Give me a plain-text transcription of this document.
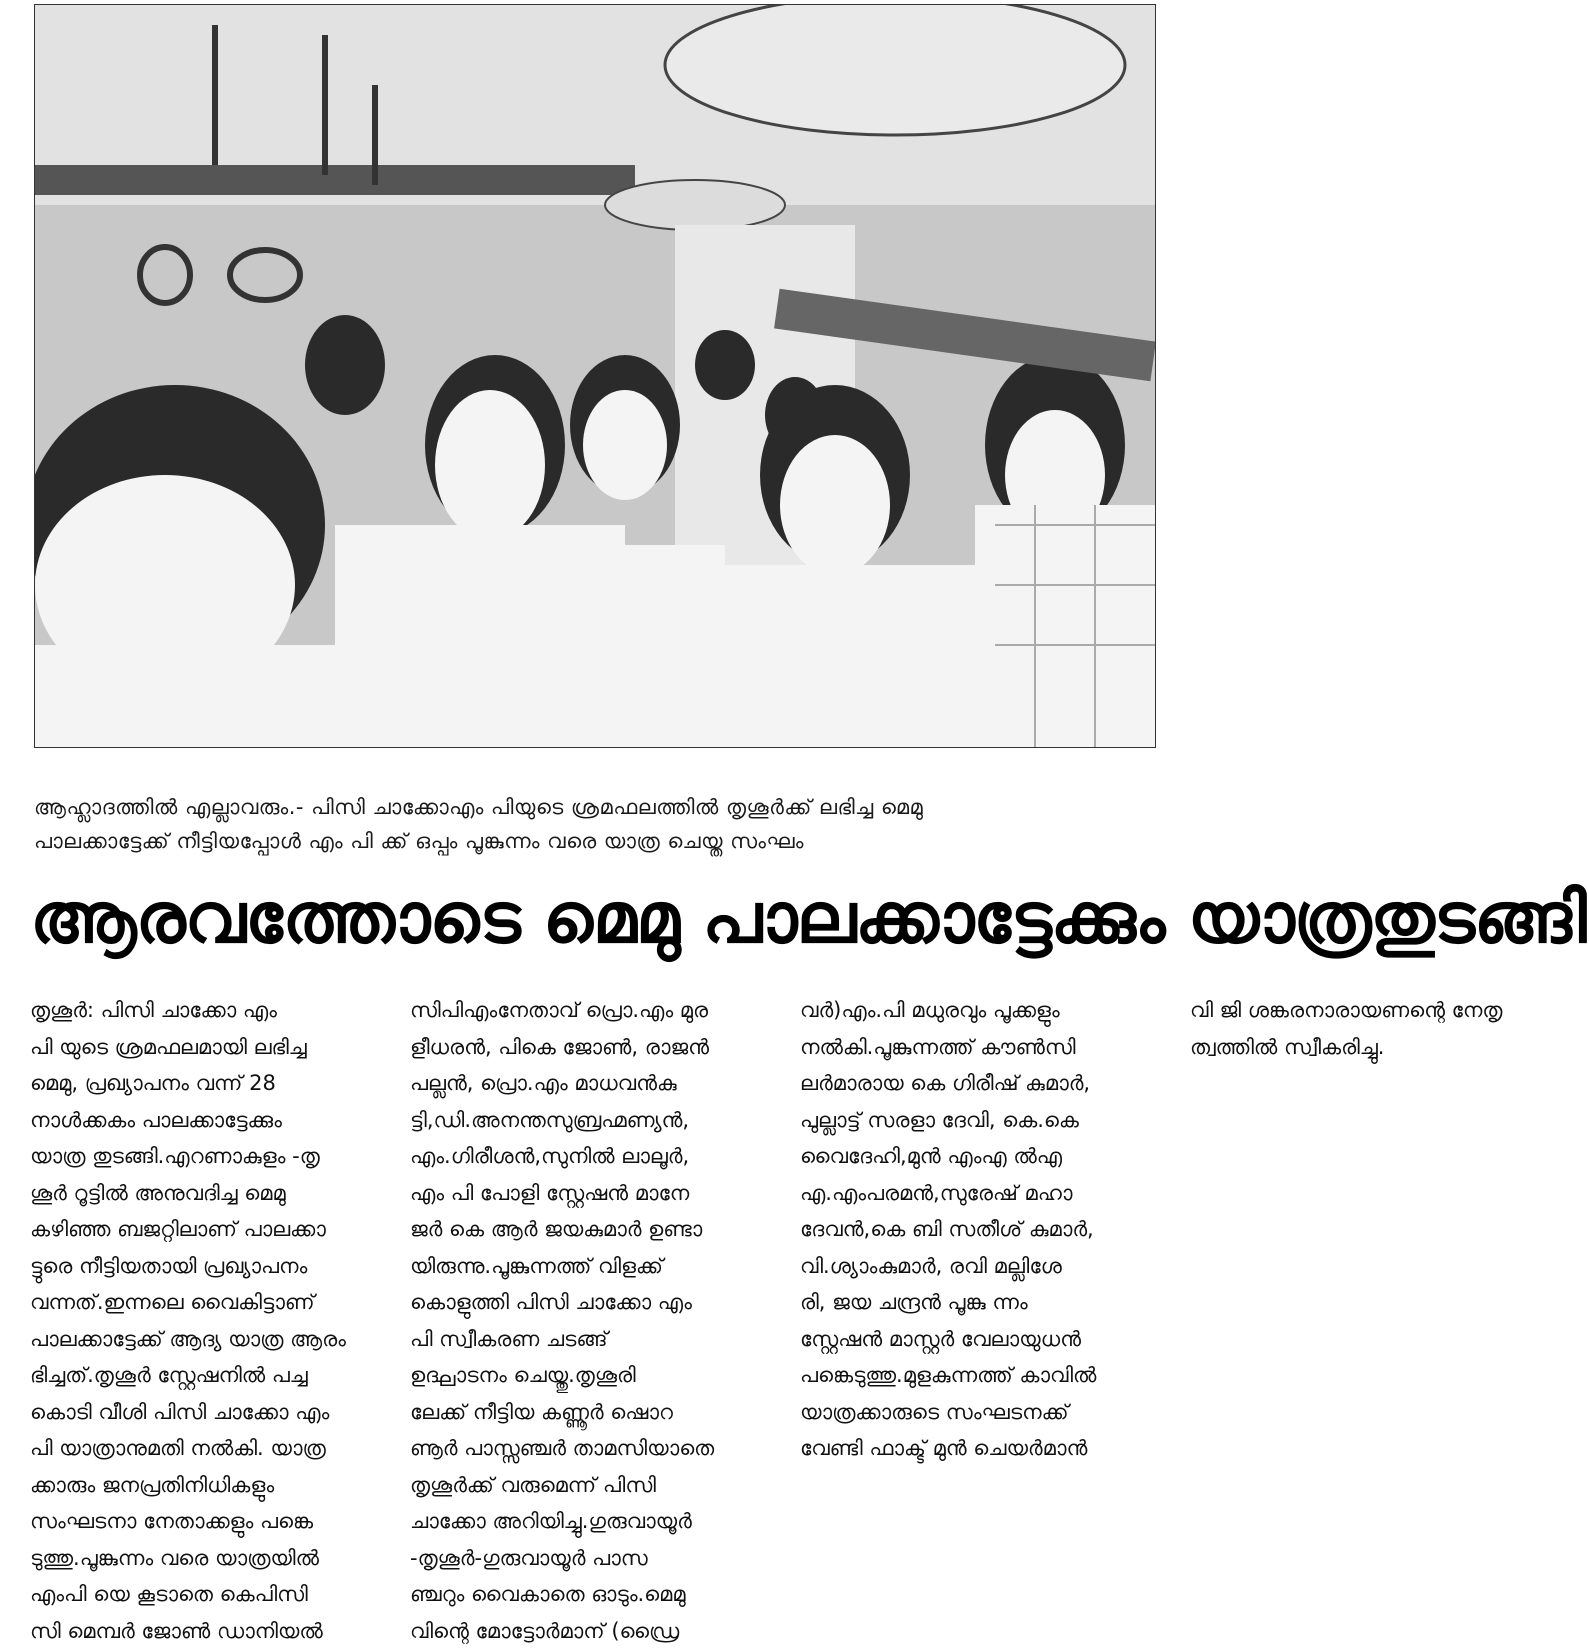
ആഹ്ലാദത്തിൽ എല്ലാവരും.- പിസി ചാക്കോഎം പിയുടെ ശ്രമഫലത്തിൽ തൃശൂർക്ക് ലഭിച്ച മെമു
പാലക്കാട്ടേക്ക് നീട്ടിയപ്പോൾ എം പി ക്ക് ഒപ്പം പൂങ്കുന്നം വരെ യാത്ര ചെയ്ത സംഘം
ആരവത്തോടെ മെമു പാലക്കാട്ടേക്കും യാത്രതുടങ്ങി
തൃശൂർ: പിസി ചാക്കോ എം
പി യുടെ ശ്രമഫലമായി ലഭിച്ച
മെമു, പ്രഖ്യാപനം വന്ന് 28
നാൾക്കകം പാലക്കാട്ടേക്കും
യാത്ര തുടങ്ങി.എറണാകുളം -തൃ
ശൂർ റൂട്ടിൽ അനുവദിച്ച മെമു
കഴിഞ്ഞ ബജറ്റിലാണ് പാലക്കാ
ട്ടുരെ നീട്ടിയതായി പ്രഖ്യാപനം
വന്നത്.ഇന്നലെ വൈകിട്ടാണ്
പാലക്കാട്ടേക്ക് ആദ്യ യാത്ര ആരം
ഭിച്ചത്.തൃശൂർ സ്റ്റേഷനിൽ പച്ച
കൊടി വീശി പിസി ചാക്കോ എം
പി യാത്രാനുമതി നൽകി. യാത്ര
ക്കാരും ജനപ്രതിനിധികളും
സംഘടനാ നേതാക്കളും പങ്കെ
ടുത്തു.പൂങ്കുന്നം വരെ യാത്രയിൽ
എംപി യെ കൂടാതെ കെപിസി
സി മെമ്പർ ജോൺ ഡാനിയൽ
സിപിഎംനേതാവ് പ്രൊ.എം മുര
ളീധരൻ, പികെ ജോൺ, രാജൻ
പല്ലൻ, പ്രൊ.എം മാധവൻകു
ട്ടി,ഡി.അനന്തസുബ്രഹ്മണ്യൻ,
എം.ഗിരീശൻ,സുനിൽ ലാലൂർ,
എം പി പോളി സ്റ്റേഷൻ മാനേ
ജർ കെ ആർ ജയകുമാർ ഉണ്ടാ
യിരുന്നു.പൂങ്കുന്നത്ത് വിളക്ക്
കൊളുത്തി പിസി ചാക്കോ എം
പി സ്വീകരണ ചടങ്ങ്
ഉദ്ഘാടനം ചെയ്തു.തൃശൂരി
ലേക്ക് നീട്ടിയ കണ്ണൂർ ഷൊറ
ണൂർ പാസ്സഞ്ചർ താമസിയാതെ
തൃശൂർക്ക് വരുമെന്ന് പിസി
ചാക്കോ അറിയിച്ചു.ഗുരുവായൂർ
-തൃശൂർ-ഗുരുവായൂർ പാസ
ഞ്ചറും വൈകാതെ ഓടും.മെമു
വിന്റെ മോട്ടോർമാന് (ഡ്രൈ
വർ)എം.പി മധുരവും പൂക്കളും
നൽകി.പൂങ്കുന്നത്ത് കൗൺസി
ലർമാരായ കെ ഗിരീഷ് കുമാർ,
പുല്ലാട്ട് സരളാ ദേവി, കെ.കെ
വൈദേഹി,മുൻ എംഎ ൽഎ
എ.എംപരമൻ,സുരേഷ് മഹാ
ദേവൻ,കെ ബി സതീശ് കുമാർ,
വി.ശ്യാംകുമാർ, രവി മല്ലിശേ
രി, ജയ ചന്ദ്രൻ പൂങ്കു ന്നം
സ്റ്റേഷൻ മാസ്റ്റർ വേലായുധൻ
പങ്കെടുത്തു.മുളകുന്നത്ത് കാവിൽ
യാത്രക്കാരുടെ സംഘടനക്ക്
വേണ്ടി ഫാക്ട് മുൻ ചെയർമാൻ
വി ജി ശങ്കരനാരായണന്റെ നേതൃ
ത്വത്തിൽ സ്വീകരിച്ചു.
